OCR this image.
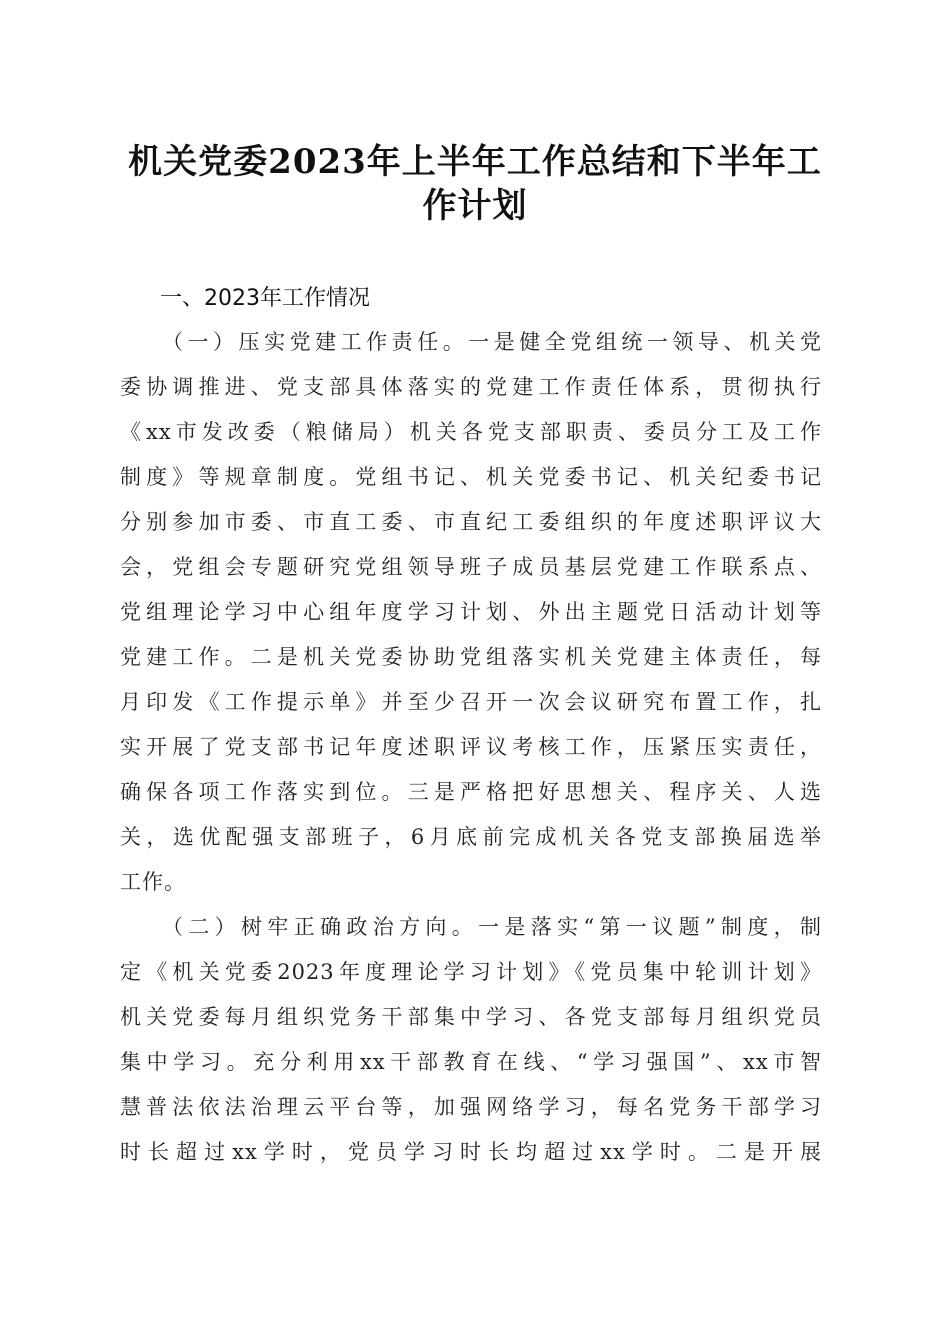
机关党委2023年上半年工作总结和下半年工
作计划
一、2023年工作情况
（一）压实党建工作责任。一是健全党组统一领导、机关党
委协调推进、党支部具体落实的党建工作责任体系，贯彻执行
《xx市发改委（粮储局）机关各党支部职责、委员分工及工作
制度》等规章制度。党组书记、机关党委书记、机关纪委书记
分别参加市委、市直工委、市直纪工委组织的年度述职评议大
会，党组会专题研究党组领导班子成员基层党建工作联系点、
党组理论学习中心组年度学习计划、外出主题党日活动计划等
党建工作。二是机关党委协助党组落实机关党建主体责任，每
月印发《工作提示单》并至少召开一次会议研究布置工作，扎
实开展了党支部书记年度述职评议考核工作，压紧压实责任，
确保各项工作落实到位。三是严格把好思想关、程序关、人选
关，选优配强支部班子，6月底前完成机关各党支部换届选举
工作。
（二）树牢正确政治方向。一是落实“第一议题”制度，制
定《机关党委2023年度理论学习计划》《党员集中轮训计划》
机关党委每月组织党务干部集中学习、各党支部每月组织党员
集中学习。充分利用xx干部教育在线、“学习强国”、xx市智
慧普法依法治理云平台等，加强网络学习，每名党务干部学习
时长超过xx学时，党员学习时长均超过xx学时。二是开展
